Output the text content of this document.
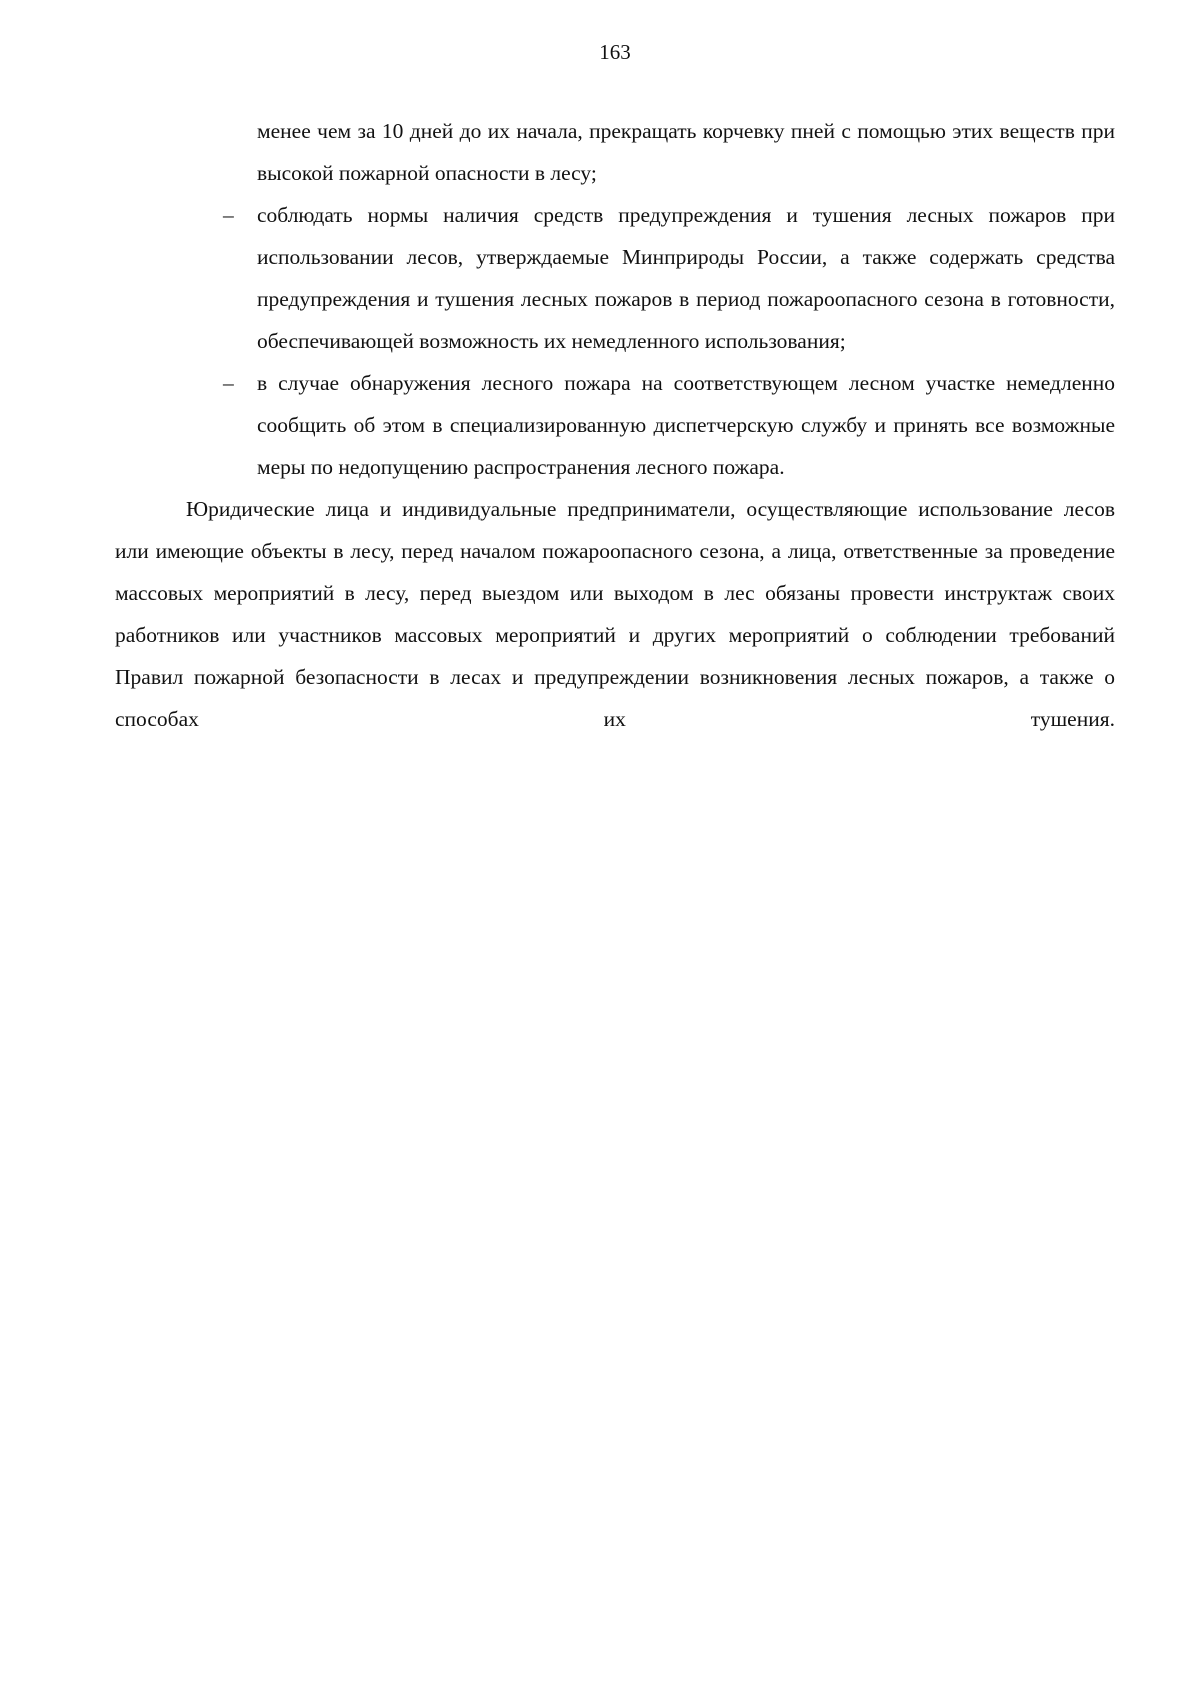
163

менее чем за 10 дней до их начала, прекращать корчевку пней с помощью этих веществ при высокой пожарной опасности в лесу;

– соблюдать нормы наличия средств предупреждения и тушения лесных пожаров при использовании лесов, утверждаемые Минприроды России, а также содержать средства предупреждения и тушения лесных пожаров в период пожароопасного сезона в готовности, обеспечивающей возможность их немедленного использования;

– в случае обнаружения лесного пожара на соответствующем лесном участке немедленно сообщить об этом в специализированную диспетчерскую службу и принять все возможные меры по недопущению распространения лесного пожара.

Юридические лица и индивидуальные предприниматели, осуществляющие использование лесов или имеющие объекты в лесу, перед началом пожароопасного сезона, а лица, ответственные за проведение массовых мероприятий в лесу, перед выездом или выходом в лес обязаны провести инструктаж своих работников или участников массовых мероприятий и других мероприятий о соблюдении требований Правил пожарной безопасности в лесах и предупреждении возникновения лесных пожаров, а также о способах их тушения.
